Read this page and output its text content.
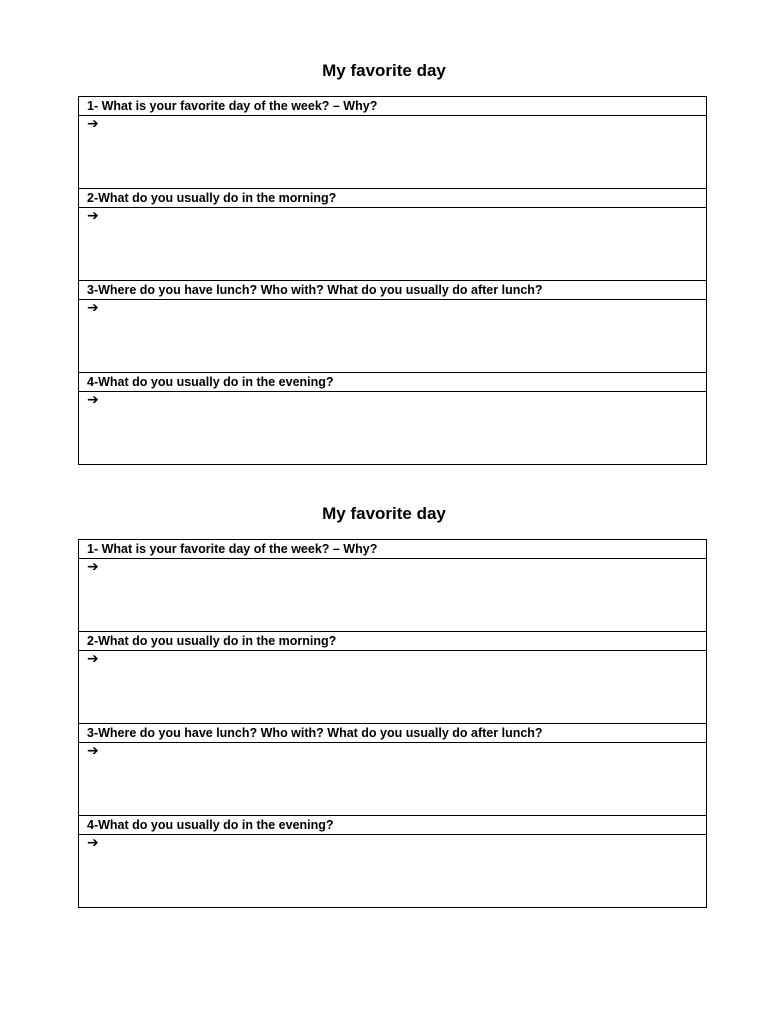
My favorite day
1- What is your favorite day of the week? – Why?

➔

2-What do you usually do in the morning?

➔

3-Where do you have lunch? Who with? What do you usually do after lunch?

➔

4-What do you usually do in the evening?

➔
My favorite day
1- What is your favorite day of the week? – Why?

➔

2-What do you usually do in the morning?

➔

3-Where do you have lunch? Who with? What do you usually do after lunch?

➔

4-What do you usually do in the evening?

➔
